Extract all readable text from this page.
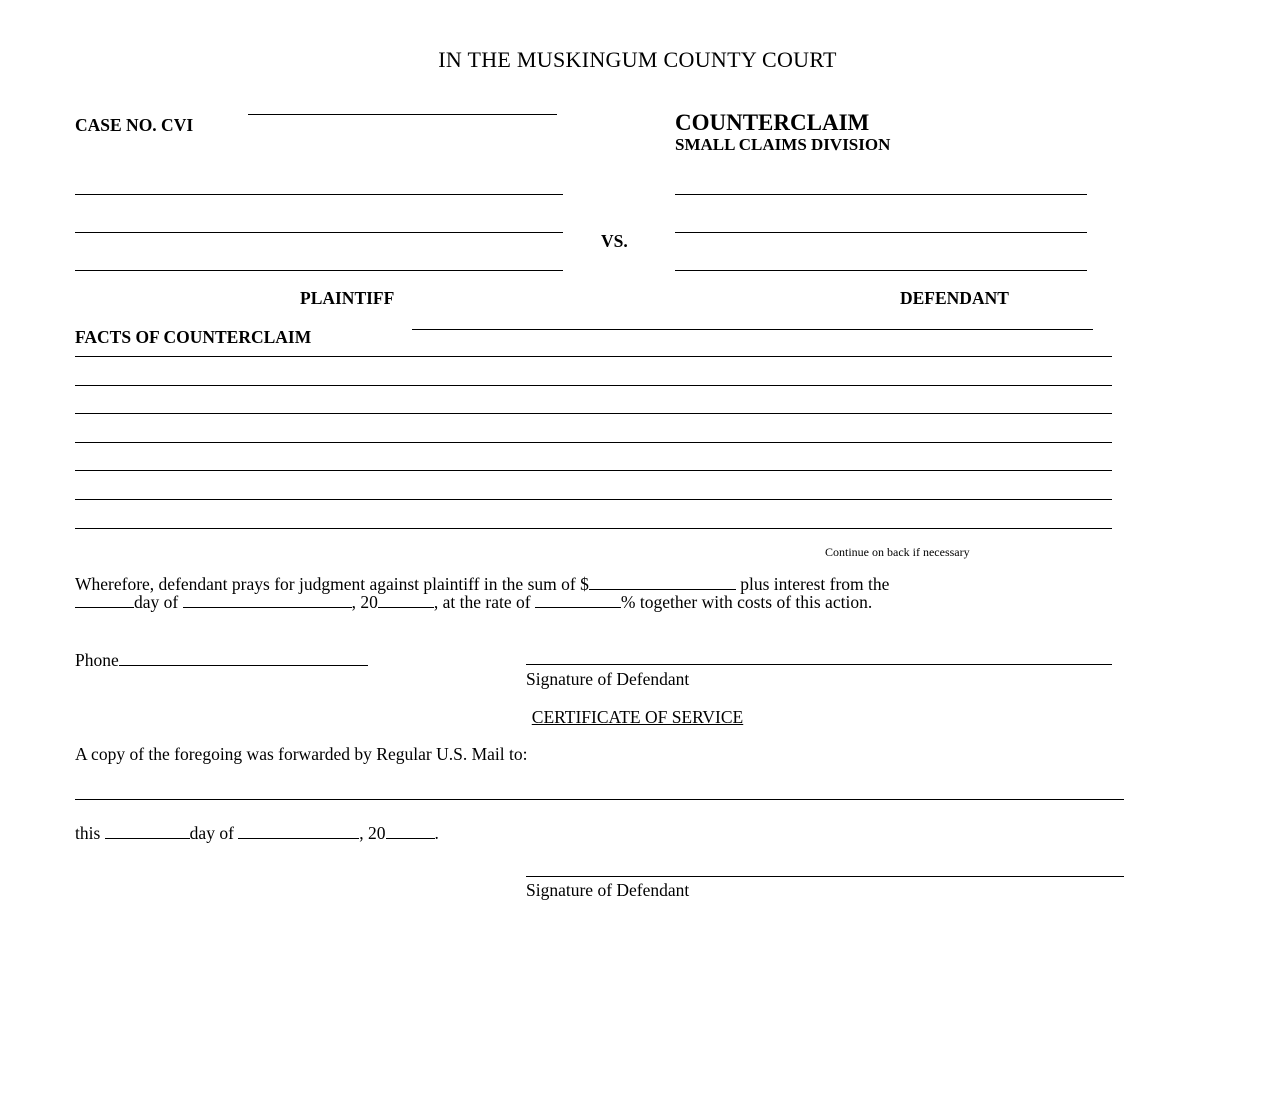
IN THE MUSKINGUM COUNTY COURT
CASE NO. CVI	COUNTERCLAIM
SMALL CLAIMS DIVISION
VS.
PLAINTIFF	DEFENDANT
FACTS OF COUNTERCLAIM
Continue on back if necessary
Wherefore, defendant prays for judgment against plaintiff in the sum of $	plus interest from the
day of	, 20	, at the rate of	% together with costs of this action.
Phone
Signature of Defendant
CERTIFICATE OF SERVICE
A copy of the foregoing was forwarded by Regular U.S. Mail to:
this	day of	, 20	.
Signature of Defendant
